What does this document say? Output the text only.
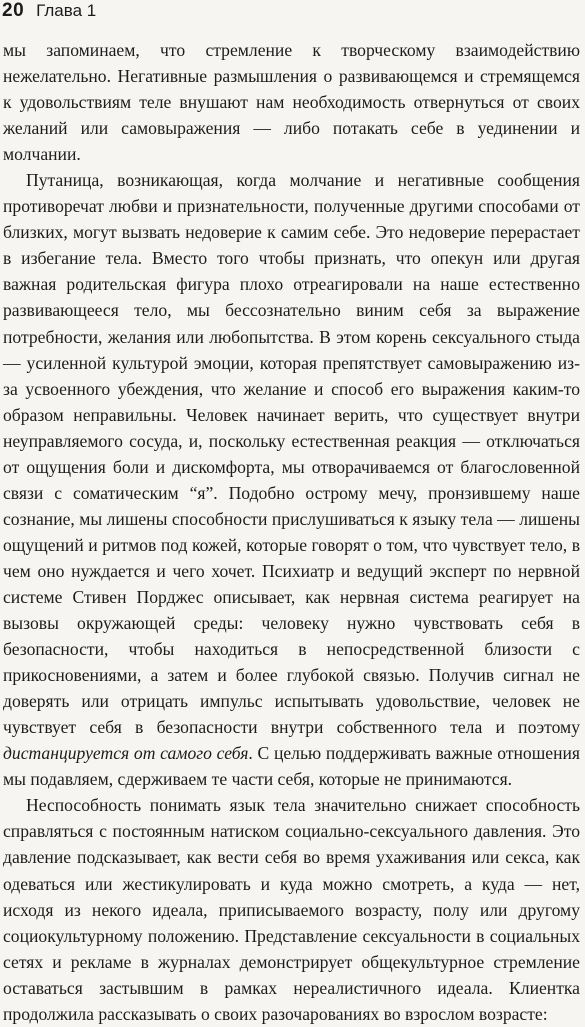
20 Глава 1

мы запоминаем, что стремление к творческому взаимодействию нежелательно. Негативные размышления о развивающемся и стремящемся к удовольствиям теле внушают нам необходимость отвернуться от своих желаний или самовыражения — либо потакать себе в уединении и молчании.

Путаница, возникающая, когда молчание и негативные сообщения противоречат любви и признательности, полученные другими способами от близких, могут вызвать недоверие к самим себе. Это недоверие перерастает в избегание тела. Вместо того чтобы признать, что опекун или другая важная родительская фигура плохо отреагировали на наше естественно развивающееся тело, мы бессознательно виним себя за выражение потребности, желания или любопытства. В этом корень сексуального стыда — усиленной культурой эмоции, которая препятствует самовыражению из-за усвоенного убеждения, что желание и способ его выражения каким-то образом неправильны. Человек начинает верить, что существует внутри неуправляемого сосуда, и, поскольку естественная реакция — отключаться от ощущения боли и дискомфорта, мы отворачиваемся от благословенной связи с соматическим “я”. Подобно острому мечу, пронзившему наше сознание, мы лишены способности прислушиваться к языку тела — лишены ощущений и ритмов под кожей, которые говорят о том, что чувствует тело, в чем оно нуждается и чего хочет. Психиатр и ведущий эксперт по нервной системе Стивен Порджес описывает, как нервная система реагирует на вызовы окружающей среды: человеку нужно чувствовать себя в безопасности, чтобы находиться в непосредственной близости с прикосновениями, а затем и более глубокой связью. Получив сигнал не доверять или отрицать импульс испытывать удовольствие, человек не чувствует себя в безопасности внутри собственного тела и поэтому дистанцируется от самого себя. С целью поддерживать важные отношения мы подавляем, сдерживаем те части себя, которые не принимаются.

Неспособность понимать язык тела значительно снижает способность справляться с постоянным натиском социально-сексуального давления. Это давление подсказывает, как вести себя во время ухаживания или секса, как одеваться или жестикулировать и куда можно смотреть, а куда — нет, исходя из некого идеала, приписываемого возрасту, полу или другому социокультурному положению. Представление сексуальности в социальных сетях и рекламе в журналах демонстрирует общекультурное стремление оставаться застывшим в рамках нереалистичного идеала. Клиентка продолжила рассказывать о своих разочарованиях во взрослом возрасте:
